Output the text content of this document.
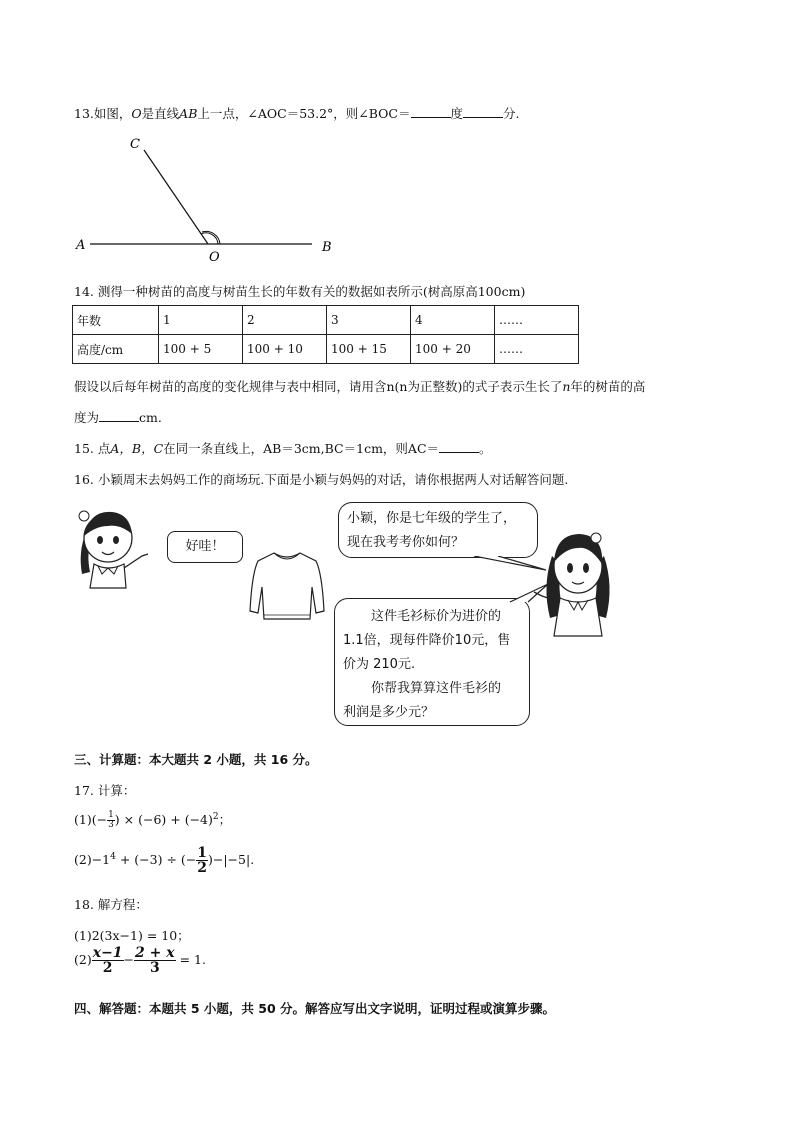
13.如图，O是直线AB上一点，∠AOC＝53.2°，则∠BOC＝	度	分.
C
A
O
B
14. 测得一种树苗的高度与树苗生长的年数有关的数据如表所示(树高原高100cm)
年数	1	2	3	4	……
高度/cm	100 + 5	100 + 10	100 + 15	100 + 20	……
假设以后每年树苗的高度的变化规律与表中相同，请用含n(n为正整数)的式子表示生长了n年的树苗的高
度为	cm.
15. 点A，B，C在同一条直线上，AB＝3cm,BC＝1cm，则AC＝	。
16. 小颖周末去妈妈工作的商场玩.下面是小颖与妈妈的对话，请你根据两人对话解答问题.
好哇！
小颖，你是七年级的学生了，
现在我考考你如何？
这件毛衫标价为进价的
1.1倍，现每件降价10元，售
价为 210元.
你帮我算算这件毛衫的
利润是多少元？
三、计算题：本大题共 2 小题，共 16 分。
17. 计算：
$(1)(- \frac{1}{3}$ ) × $(-6) + (-4)^2$；
$(2)-1^4 + (-3)$ ÷ (− $\frac{1}{2} )-|-5|$.
18. 解方程：
(1)2(3x−1) = 10；
$(2) \frac{x-1}{2} - \frac{2 + x}{3} = 1$.
四、解答题：本题共 5 小题，共 50 分。解答应写出文字说明，证明过程或演算步骤。
